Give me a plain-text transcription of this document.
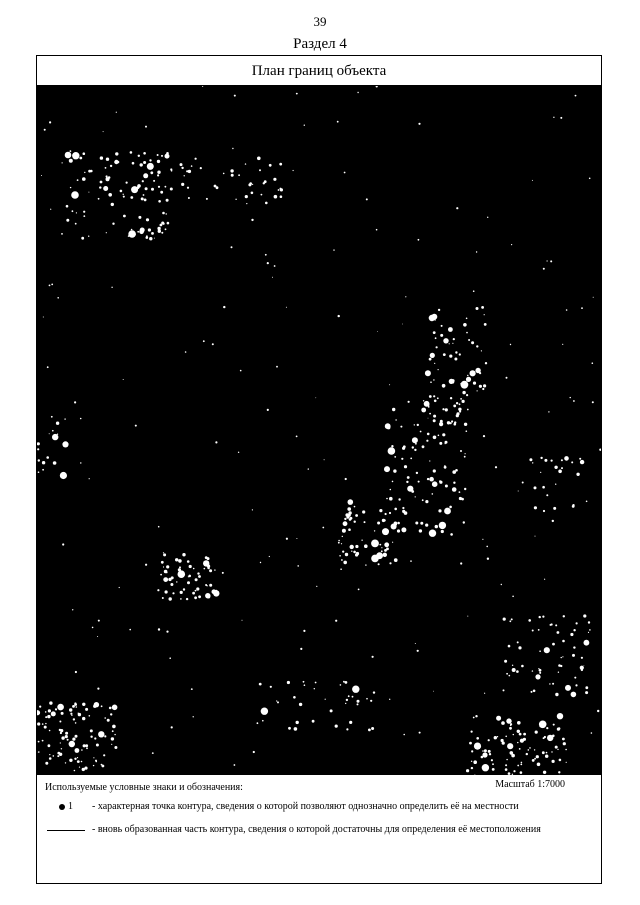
39
Раздел 4
План границ объекта
Используемые условные знаки и обозначения:	Масштаб 1:7000
1 - характерная точка контура, сведения о которой позволяют однозначно определить её на местности
- вновь образованная часть контура, сведения о которой достаточны для определения её местоположения
